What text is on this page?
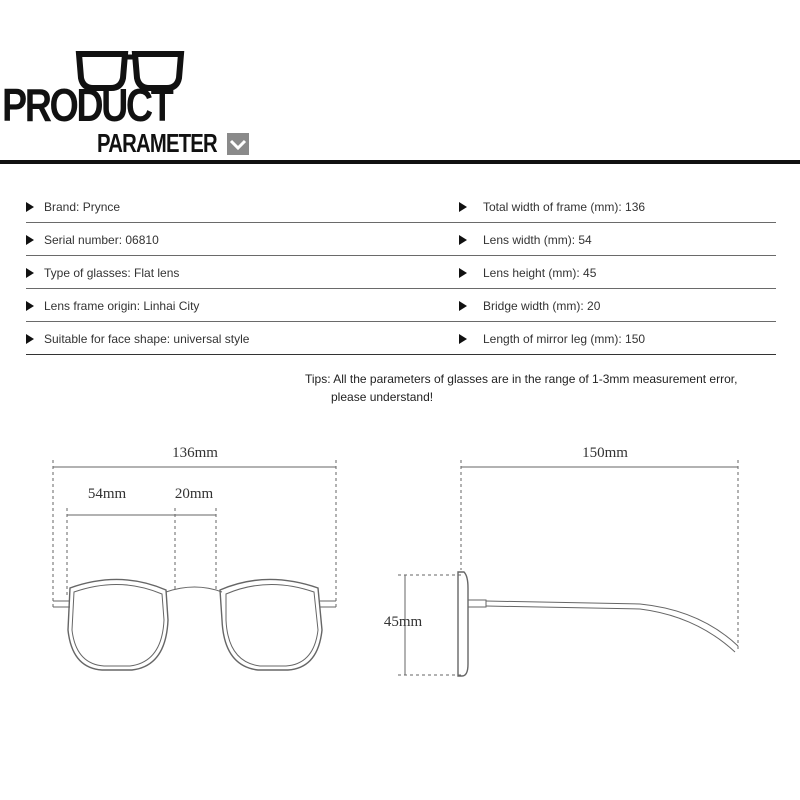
PRODUCT
PARAMETER
Brand: Prynce	Total width of frame (mm): 136
Serial number: 06810	Lens width (mm): 54
Type of glasses: Flat lens	Lens height (mm): 45
Lens frame origin: Linhai City	Bridge width (mm): 20
Suitable for face shape: universal style	Length of mirror leg (mm): 150
Tips: All the parameters of glasses are in the range of 1-3mm measurement error,
please understand!
136mm
54mm	20mm
150mm
45mm
